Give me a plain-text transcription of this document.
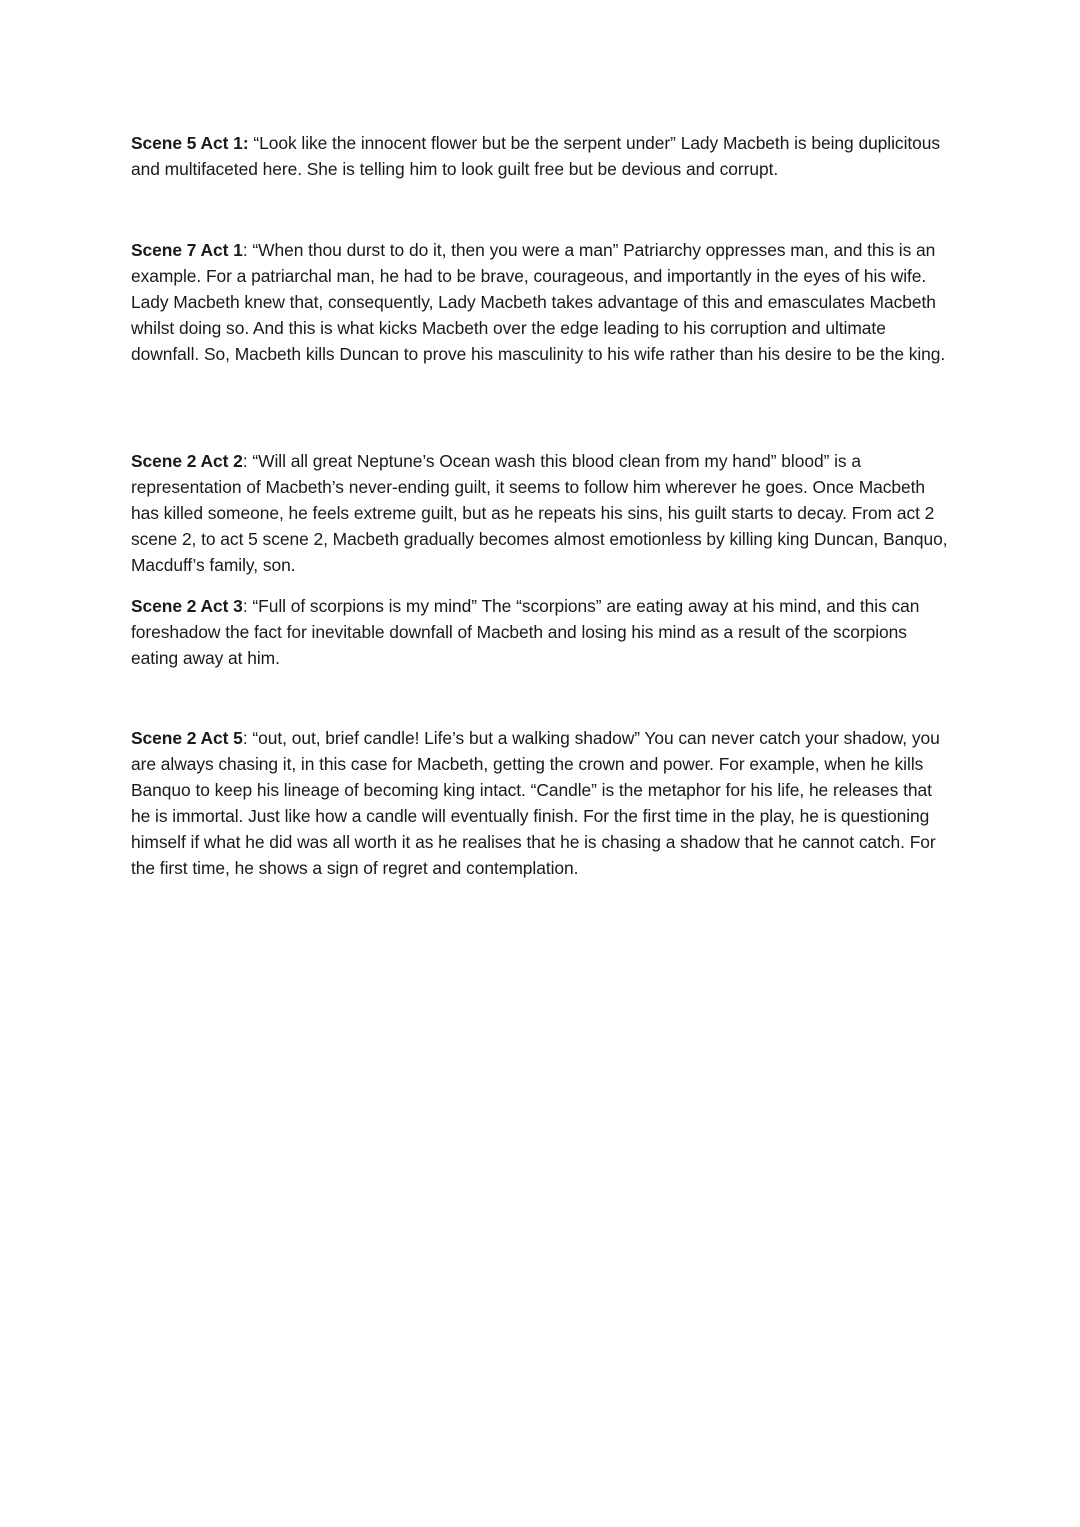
Scene 5 Act 1: “Look like the innocent flower but be the serpent under” Lady Macbeth is being duplicitous and multifaceted here. She is telling him to look guilt free but be devious and corrupt.

Scene 7 Act 1: “When thou durst to do it, then you were a man” Patriarchy oppresses man, and this is an example. For a patriarchal man, he had to be brave, courageous, and importantly in the eyes of his wife. Lady Macbeth knew that, consequently, Lady Macbeth takes advantage of this and emasculates Macbeth whilst doing so. And this is what kicks Macbeth over the edge leading to his corruption and ultimate downfall. So, Macbeth kills Duncan to prove his masculinity to his wife rather than his desire to be the king.

Scene 2 Act 2: “Will all great Neptune’s Ocean wash this blood clean from my hand” blood” is a representation of Macbeth’s never-ending guilt, it seems to follow him wherever he goes. Once Macbeth has killed someone, he feels extreme guilt, but as he repeats his sins, his guilt starts to decay. From act 2 scene 2, to act 5 scene 2, Macbeth gradually becomes almost emotionless by killing king Duncan, Banquo, Macduff’s family, son.

Scene 2 Act 3: “Full of scorpions is my mind” The “scorpions” are eating away at his mind, and this can foreshadow the fact for inevitable downfall of Macbeth and losing his mind as a result of the scorpions eating away at him.

Scene 2 Act 5: “out, out, brief candle! Life’s but a walking shadow” You can never catch your shadow, you are always chasing it, in this case for Macbeth, getting the crown and power. For example, when he kills Banquo to keep his lineage of becoming king intact. “Candle” is the metaphor for his life, he releases that he is immortal. Just like how a candle will eventually finish. For the first time in the play, he is questioning himself if what he did was all worth it as he realises that he is chasing a shadow that he cannot catch. For the first time, he shows a sign of regret and contemplation.
